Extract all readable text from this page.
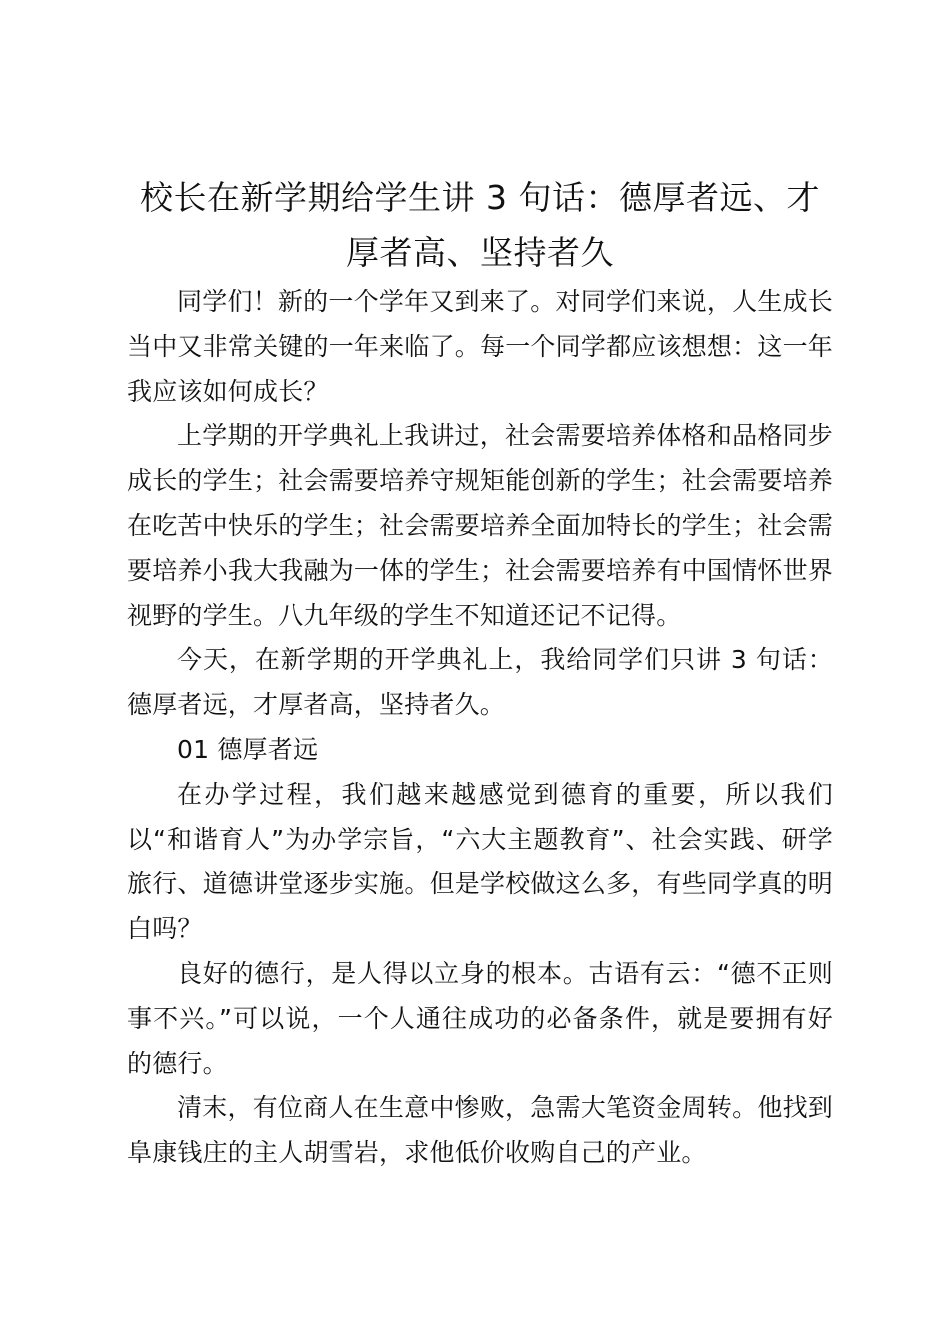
校长在新学期给学生讲 3 句话：德厚者远、才厚者高、坚持者久

同学们！新的一个学年又到来了。对同学们来说，人生成长当中又非常关键的一年来临了。每一个同学都应该想想：这一年我应该如何成长？

上学期的开学典礼上我讲过，社会需要培养体格和品格同步成长的学生；社会需要培养守规矩能创新的学生；社会需要培养在吃苦中快乐的学生；社会需要培养全面加特长的学生；社会需要培养小我大我融为一体的学生；社会需要培养有中国情怀世界视野的学生。八九年级的学生不知道还记不记得。

今天，在新学期的开学典礼上，我给同学们只讲 3 句话：德厚者远，才厚者高，坚持者久。

01 德厚者远

在办学过程，我们越来越感觉到德育的重要，所以我们以“和谐育人”为办学宗旨，“六大主题教育”、社会实践、研学旅行、道德讲堂逐步实施。但是学校做这么多，有些同学真的明白吗？

良好的德行，是人得以立身的根本。古语有云：“德不正则事不兴。”可以说，一个人通往成功的必备条件，就是要拥有好的德行。

清末，有位商人在生意中惨败，急需大笔资金周转。他找到阜康钱庄的主人胡雪岩，求他低价收购自己的产业。
